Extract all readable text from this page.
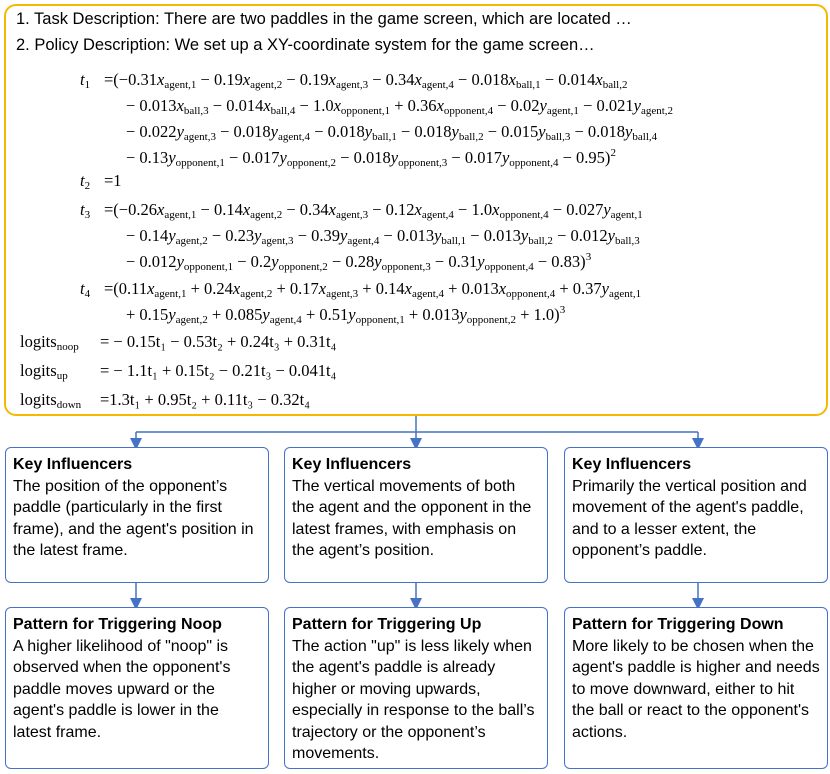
1. Task Description: There are two paddles in the game screen, which are located …
2. Policy Description: We set up a XY-coordinate system for the game screen…
$t_1$
$t_2$
$t_3$
$t_4$
$=(-0.31x_{agent,1} - 0.19x_{agent,2} - 0.19x_{agent,3} - 0.34x_{agent,4} - 0.018x_{ball,1} - 0.014x_{ball,2}$
− $0.013x_{ball,3} - 0.014x_{ball,4} - 1.0x_{opponent,1} + 0.36x_{opponent,4} - 0.02y_{agent,1} - 0.021y_{agent,2}$
− $0.022y_{agent,3} - 0.018y_{agent,4} - 0.018y_{ball,1} - 0.018y_{ball,2} - 0.015y_{ball,3} - 0.018y_{ball,4}$
− $0.13y_{opponent,1} - 0.017y_{opponent,2} - 0.018y_{opponent,3} - 0.017y_{opponent,4} - 0.95)^2$
=1
$=(-0.26x_{agent,1} - 0.14x_{agent,2} - 0.34x_{agent,3} - 0.12x_{agent,4} - 1.0x_{opponent,4} - 0.027y_{agent,1}$
− $0.14y_{agent,2} - 0.23y_{agent,3} - 0.39y_{agent,4} - 0.013y_{ball,1} - 0.013y_{ball,2} - 0.012y_{ball,3}$
− $0.012y_{opponent,1} - 0.2y_{opponent,2} - 0.28y_{opponent,3} - 0.31y_{opponent,4} - 0.83)^3$
$=(0.11x_{agent,1} + 0.24x_{agent,2} + 0.17x_{agent,3} + 0.14x_{agent,4} + 0.013x_{opponent,4} + 0.37y_{agent,1}$
+ $0.15y_{agent,2} + 0.085y_{agent,4} + 0.51y_{opponent,1} + 0.013y_{opponent,2} + 1.0)^3$
logits$_{noop}$ = − 0.15t₁ − 0.53t₂ + 0.24t₃ + 0.31t₄
logits$_{up}$ = − 1.1t₁ + 0.15t₂ − 0.21t₃ − 0.041t₄
logits$_{down}$ =1.3t₁ + 0.95t₂ + 0.11t₃ − 0.32t₄
Key Influencers
The position of the opponent’s paddle (particularly in the first frame), and the agent's position in the latest frame.
Key Influencers
The vertical movements of both the agent and the opponent in the latest frames, with emphasis on the agent’s position.
Key Influencers
Primarily the vertical position and movement of the agent's paddle, and to a lesser extent, the opponent’s paddle.
Pattern for Triggering Noop
A higher likelihood of "noop" is observed when the opponent's paddle moves upward or the agent's paddle is lower in the latest frame.
Pattern for Triggering Up
The action "up" is less likely when the agent's paddle is already higher or moving upwards, especially in response to the ball’s trajectory or the opponent’s movements.
Pattern for Triggering Down
More likely to be chosen when the agent's paddle is higher and needs to move downward, either to hit the ball or react to the opponent's actions.
